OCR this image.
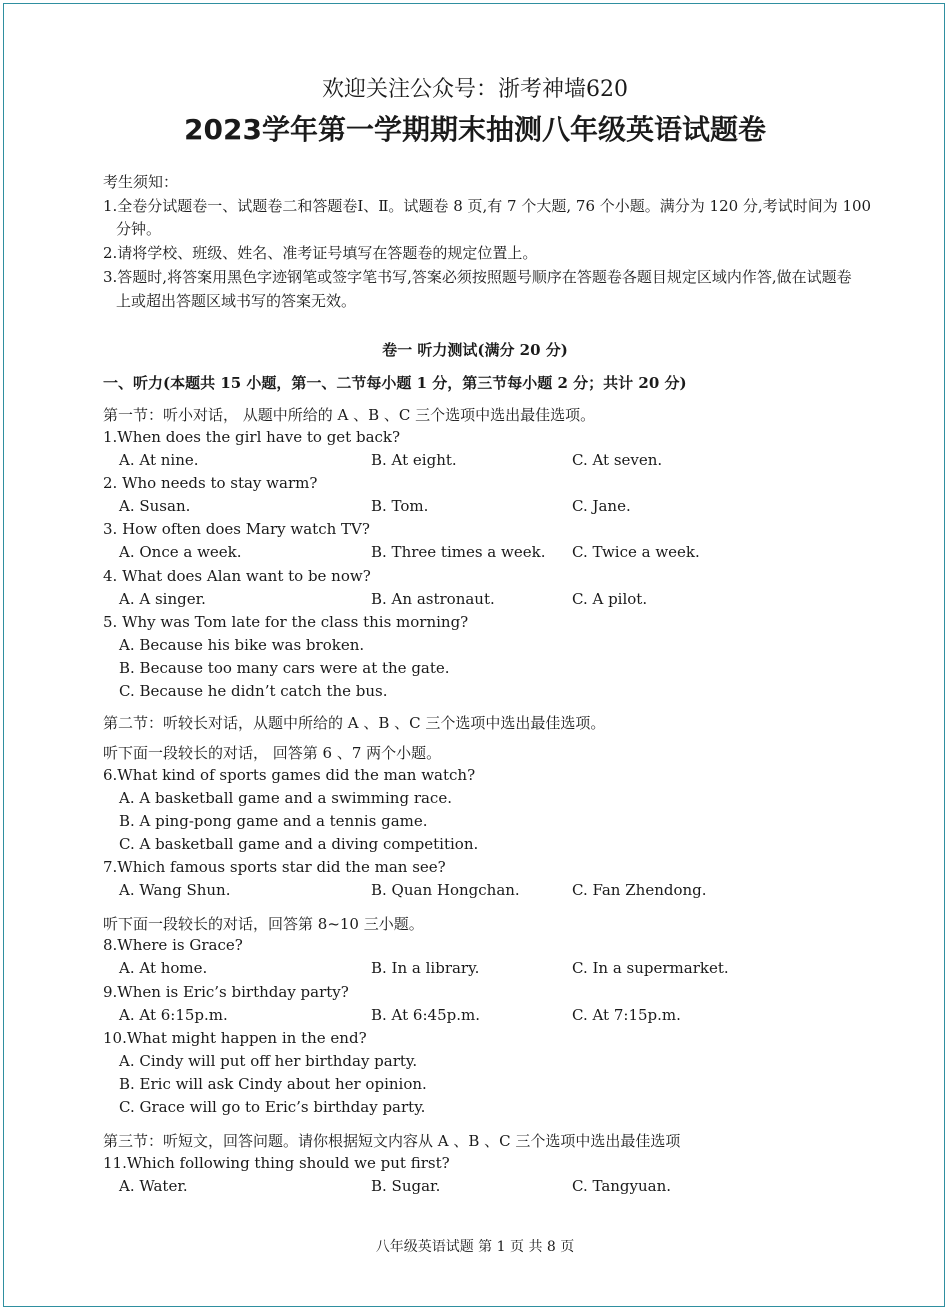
欢迎关注公众号：浙考神墙620
2023学年第一学期期末抽测八年级英语试题卷
考生须知：
1.全卷分试题卷一、试题卷二和答题卷Ⅰ、Ⅱ。试题卷 8 页,有 7 个大题, 76 个小题。满分为 120 分,考试时间为 100
分钟。
2.请将学校、班级、姓名、准考证号填写在答题卷的规定位置上。
3.答题时,将答案用黑色字迹钢笔或签字笔书写,答案必须按照题号顺序在答题卷各题目规定区域内作答,做在试题卷
上或超出答题区域书写的答案无效。
卷一 听力测试(满分 20 分)
一、听力(本题共 15 小题，第一、二节每小题 1 分，第三节每小题 2 分；共计 20 分)
第一节：听小对话， 从题中所给的 A 、B 、C 三个选项中选出最佳选项。
1.When does the girl have to get back?
A. At nine.	B. At eight.	C. At seven.
2. Who needs to stay warm?
A. Susan.	B. Tom.	C. Jane.
3. How often does Mary watch TV?
A. Once a week.	B. Three times a week. C. Twice a week.
4. What does Alan want to be now?
A. A singer.	B. An astronaut.	C. A pilot.
5. Why was Tom late for the class this morning?
A. Because his bike was broken.
B. Because too many cars were at the gate.
C. Because he didn’t catch the bus.
第二节：听较长对话，从题中所给的 A 、B 、C 三个选项中选出最佳选项。
听下面一段较长的对话， 回答第 6 、7 两个小题。
6.What kind of sports games did the man watch?
A. A basketball game and a swimming race.
B. A ping-pong game and a tennis game.
C. A basketball game and a diving competition.
7.Which famous sports star did the man see?
A. Wang Shun.	B. Quan Hongchan.	C. Fan Zhendong.
听下面一段较长的对话，回答第 8~10 三小题。
8.Where is Grace?
A. At home.	B. In a library.	C. In a supermarket.
9.When is Eric’s birthday party?
A. At 6:15p.m.	B. At 6:45p.m.	C. At 7:15p.m.
10.What might happen in the end?
A. Cindy will put off her birthday party.
B. Eric will ask Cindy about her opinion.
C. Grace will go to Eric’s birthday party.
第三节：听短文，回答问题。请你根据短文内容从 A 、B 、C 三个选项中选出最佳选项
11.Which following thing should we put first?
A. Water.	B. Sugar.	C. Tangyuan.
八年级英语试题 第 1 页 共 8 页
